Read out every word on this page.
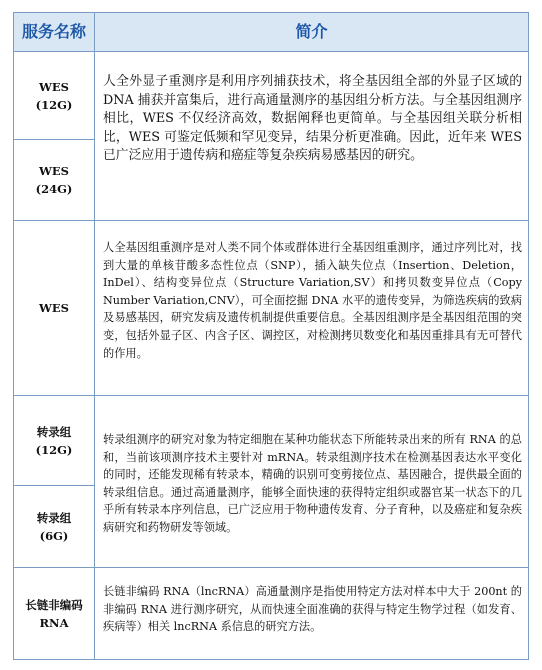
服务名称	简介
WES
(12G)
WES
(24G)
WES
转录组
(12G)
转录组
(6G)
长链非编码
RNA
人全外显子重测序是利用序列捕获技术，将全基因组全部的外显子区域的 DNA 捕获并富集后，进行高通量测序的基因组分析方法。与全基因组测序相比，WES 不仅经济高效，数据阐释也更简单。与全基因组关联分析相比，WES 可鉴定低频和罕见变异，结果分析更准确。因此，近年来 WES 已广泛应用于遗传病和癌症等复杂疾病易感基因的研究。
人全基因组重测序是对人类不同个体或群体进行全基因组重测序，通过序列比对，找到大量的单核苷酸多态性位点（SNP），插入缺失位点（Insertion、Deletion，InDel）、结构变异位点（Structure Variation,SV）和拷贝数变异位点（Copy Number Variation,CNV），可全面挖掘 DNA 水平的遗传变异，为筛选疾病的致病及易感基因，研究发病及遗传机制提供重要信息。全基因组测序是全基因组范围的突变，包括外显子区、内含子区、调控区，对检测拷贝数变化和基因重排具有无可替代的作用。
转录组测序的研究对象为特定细胞在某种功能状态下所能转录出来的所有 RNA 的总和，当前该项测序技术主要针对 mRNA。转录组测序技术在检测基因表达水平变化的同时，还能发现稀有转录本，精确的识别可变剪接位点、基因融合，提供最全面的转录组信息。通过高通量测序，能够全面快速的获得特定组织或器官某一状态下的几乎所有转录本序列信息，已广泛应用于物种遗传发育、分子育种，以及癌症和复杂疾病研究和药物研发等领域。
长链非编码 RNA（lncRNA）高通量测序是指使用特定方法对样本中大于 200nt 的非编码 RNA 进行测序研究，从而快速全面准确的获得与特定生物学过程（如发育、疾病等）相关 lncRNA 系信息的研究方法。
